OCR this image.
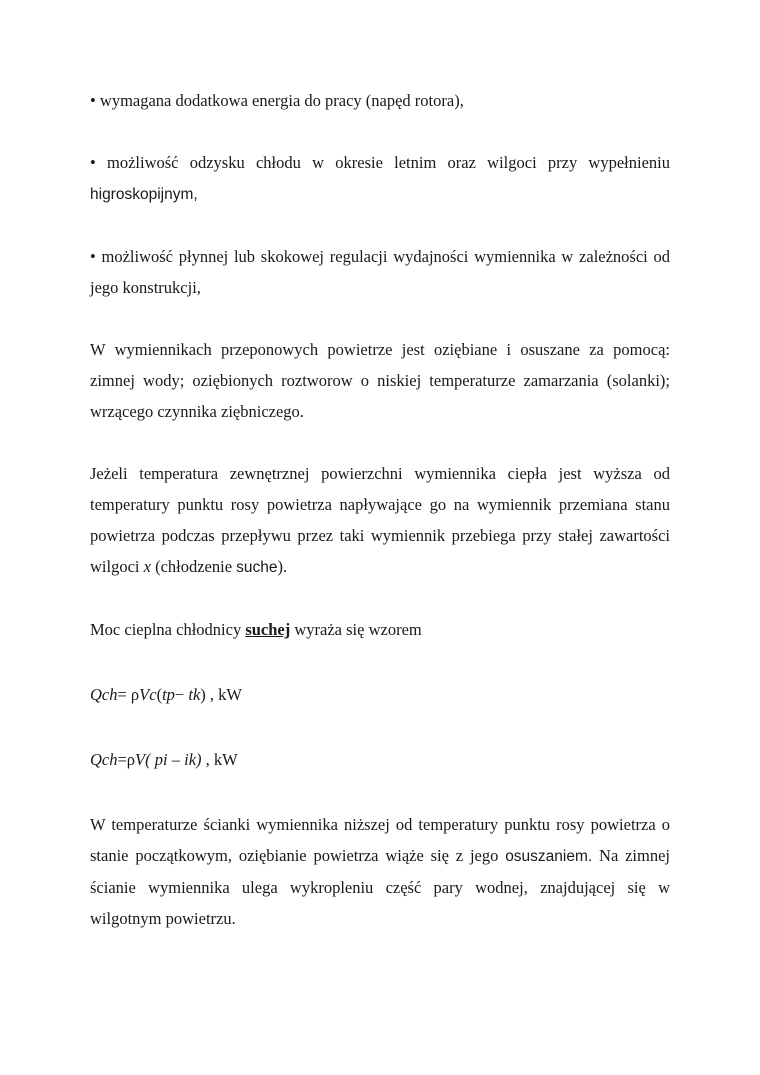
• wymagana dodatkowa energia do pracy (napęd rotora),

• możliwość odzysku chłodu w okresie letnim oraz wilgoci przy wypełnieniu higroskopijnym,

• możliwość płynnej lub skokowej regulacji wydajności wymiennika w zależności od jego konstrukcji,

W wymiennikach przeponowych powietrze jest oziębiane i osuszane za pomocą: zimnej wody; oziębionych roztworow o niskiej temperaturze zamarzania (solanki); wrzącego czynnika ziębniczego.

Jeżeli temperatura zewnętrznej powierzchni wymiennika ciepła jest wyższa od temperatury punktu rosy powietrza napływające go na wymiennik przemiana stanu powietrza podczas przepływu przez taki wymiennik przebiega przy stałej zawartości wilgoci x (chłodzenie suche).

Moc cieplna chłodnicy suchej wyraża się wzorem

Qch= ρVc(tp− tk) , kW

Qch=ρV( pi – ik) , kW

W temperaturze ścianki wymiennika niższej od temperatury punktu rosy powietrza o stanie początkowym, oziębianie powietrza wiąże się z jego osuszaniem. Na zimnej ścianie wymiennika ulega wykropleniu część pary wodnej, znajdującej się w wilgotnym powietrzu.
